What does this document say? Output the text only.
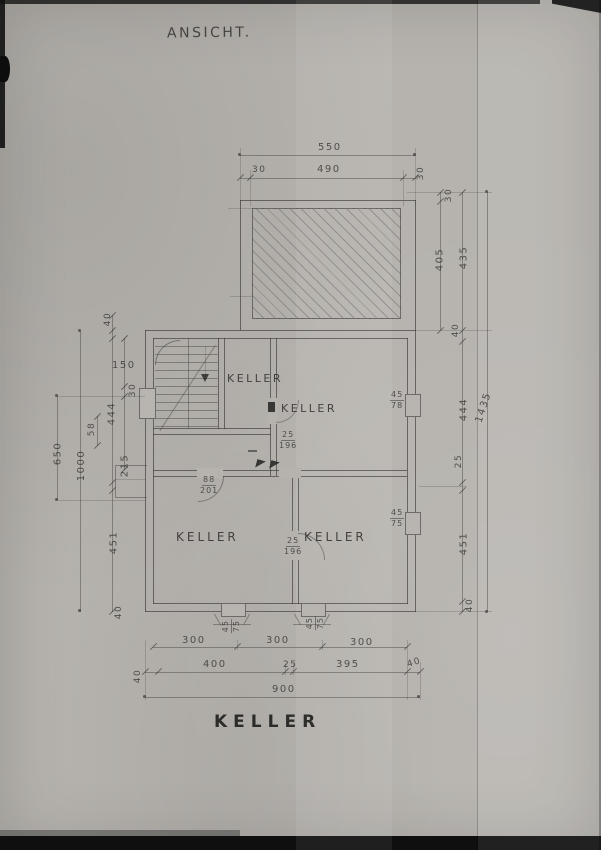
ANSICHT.
KELLER
KELLER
KELLER	KELLER
550
30	490	30
30
405 435
40
444
25
451
40
1435
650 1000
40
150
30
444
58
215
451
40
300	300	300
40
400	25	395	40
900
$\frac{45}{78}$
$\frac{45}{75}$
45 75	45 75
$\frac{25}{196}$
$\frac{25}{196}$
$\frac{88}{201}$
KELLER
